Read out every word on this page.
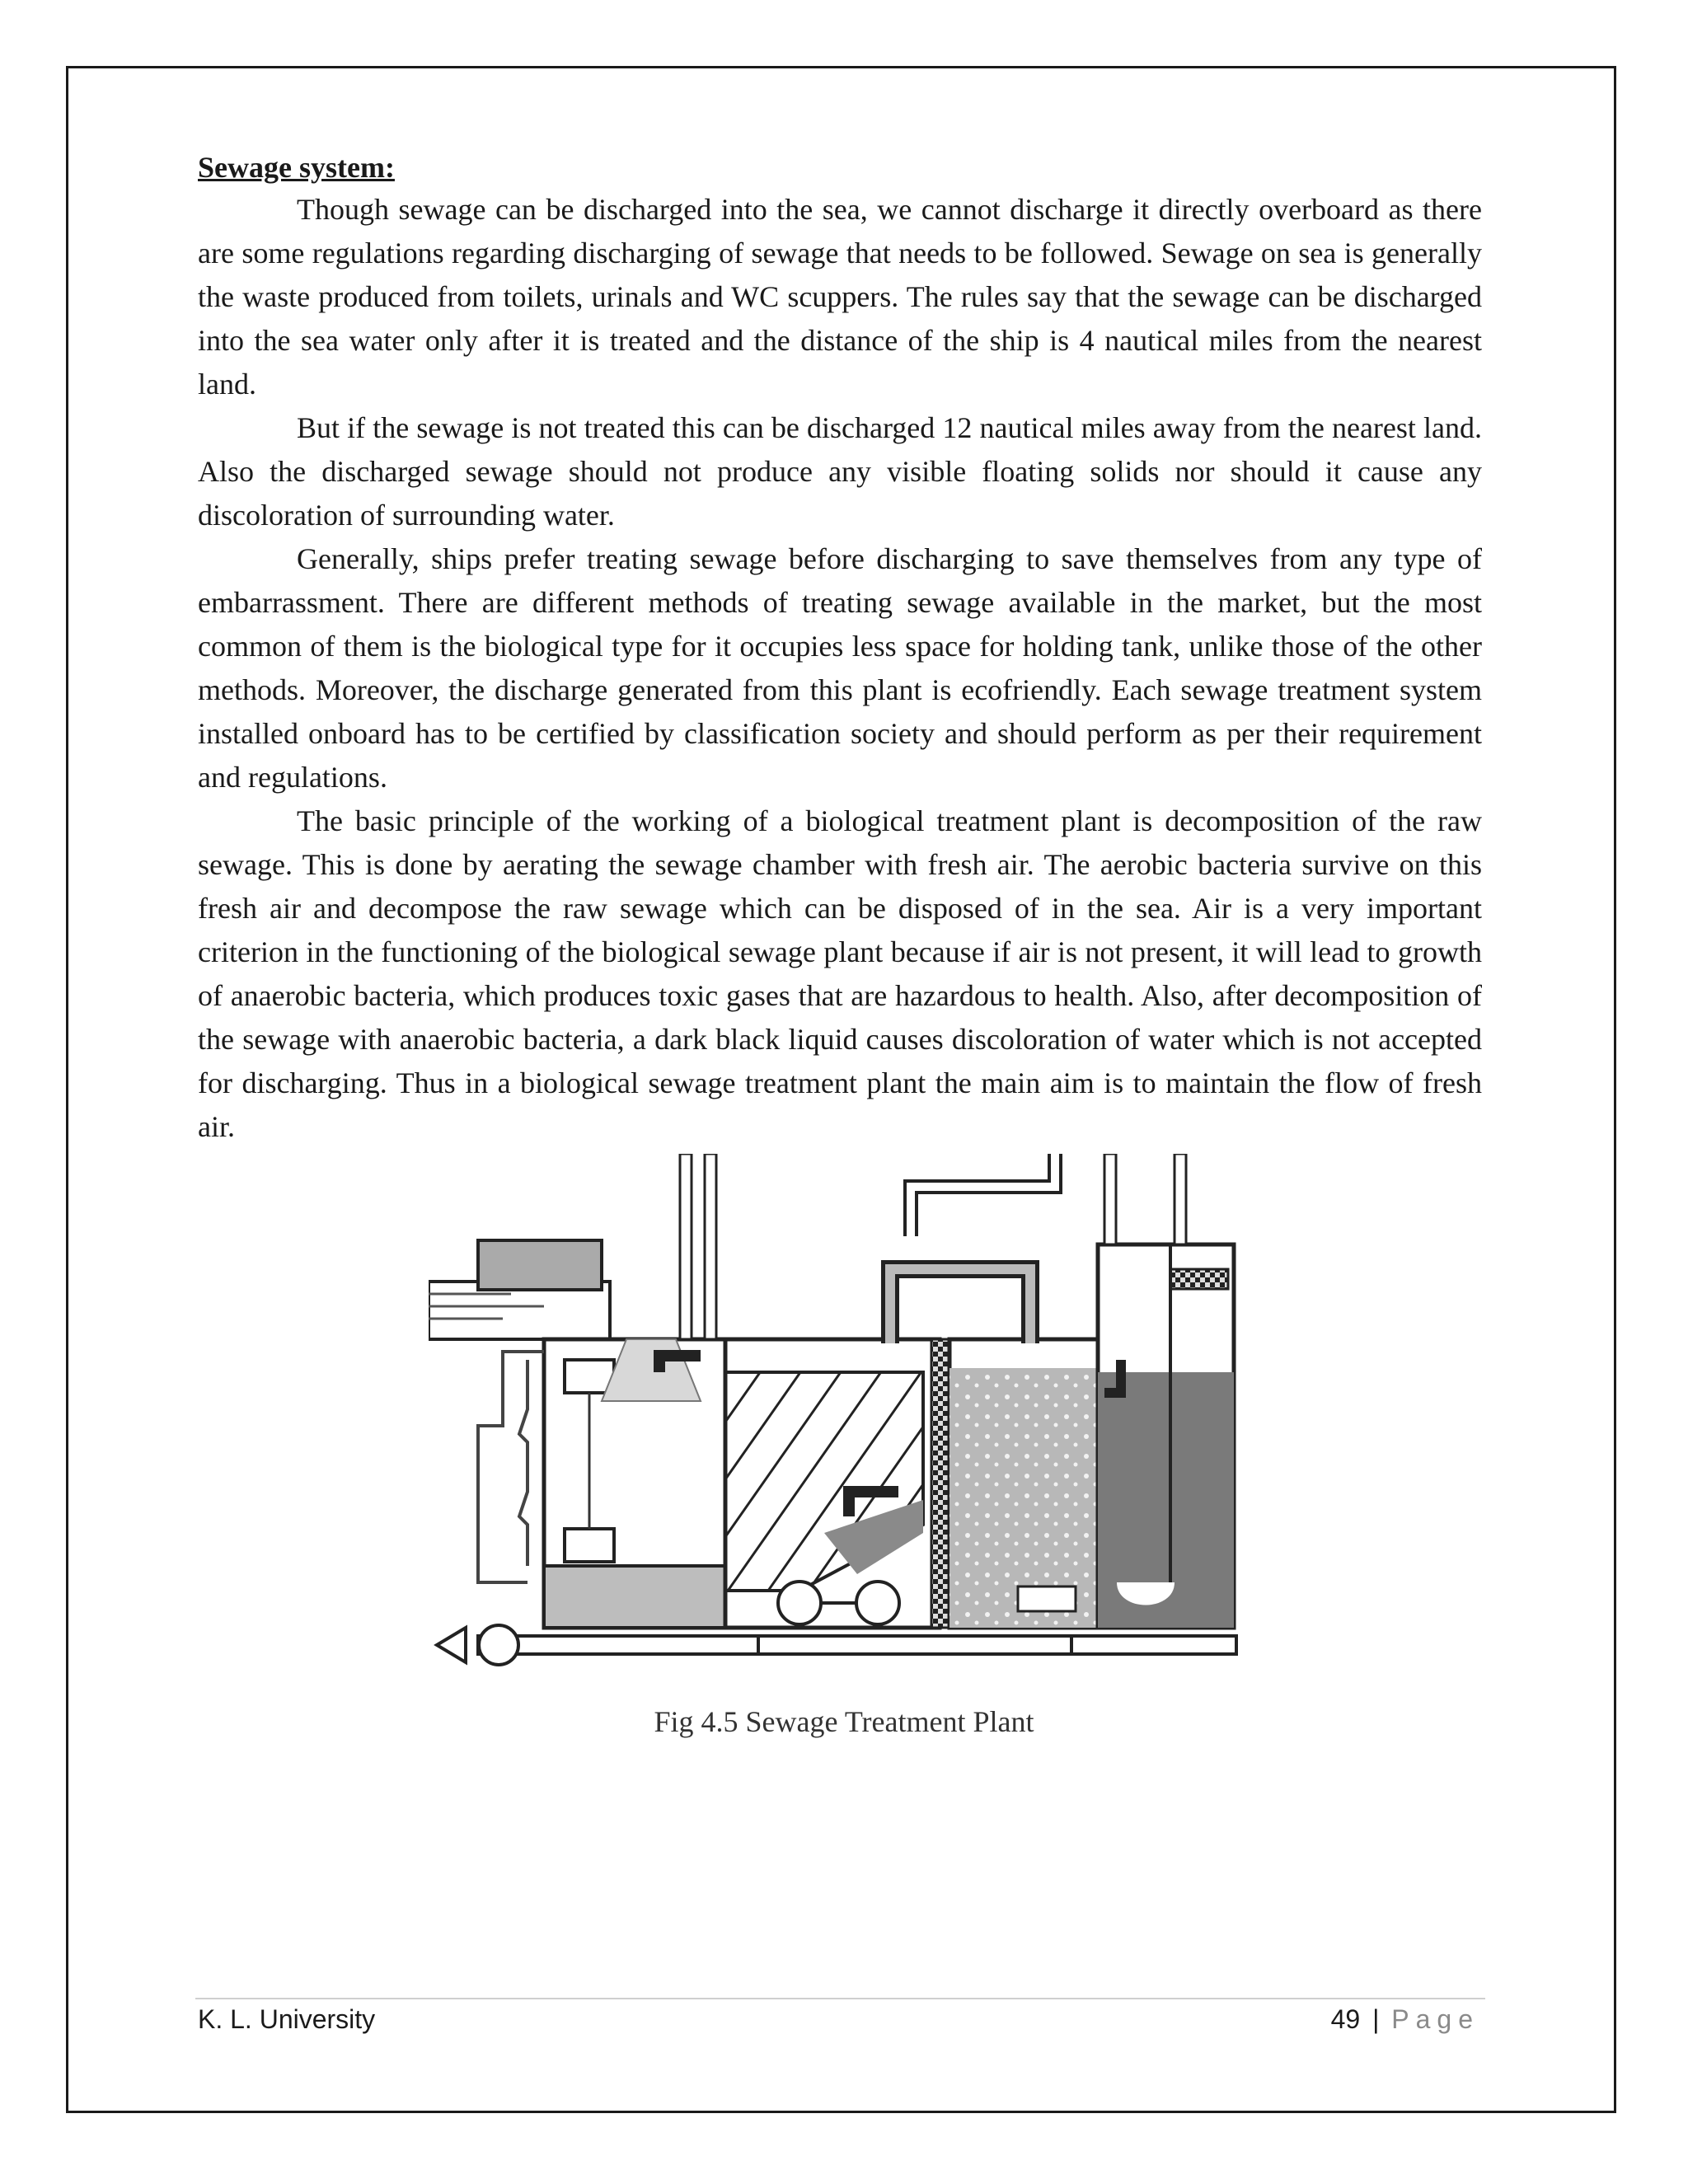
Sewage system:

Though sewage can be discharged into the sea, we cannot discharge it directly overboard as there are some regulations regarding discharging of sewage that needs to be followed. Sewage on sea is generally the waste produced from toilets, urinals and WC scuppers. The rules say that the sewage can be discharged into the sea water only after it is treated and the distance of the ship is 4 nautical miles from the nearest land.

But if the sewage is not treated this can be discharged 12 nautical miles away from the nearest land. Also the discharged sewage should not produce any visible floating solids nor should it cause any discoloration of surrounding water.

Generally, ships prefer treating sewage before discharging to save themselves from any type of embarrassment. There are different methods of treating sewage available in the market, but the most common of them is the biological type for it occupies less space for holding tank, unlike those of the other methods. Moreover, the discharge generated from this plant is ecofriendly. Each sewage treatment system installed onboard has to be certified by classification society and should perform as per their requirement and regulations.

The basic principle of the working of a biological treatment plant is decomposition of the raw sewage. This is done by aerating the sewage chamber with fresh air. The aerobic bacteria survive on this fresh air and decompose the raw sewage which can be disposed of in the sea. Air is a very important criterion in the functioning of the biological sewage plant because if air is not present, it will lead to growth of anaerobic bacteria, which produces toxic gases that are hazardous to health. Also, after decomposition of the sewage with anaerobic bacteria, a dark black liquid causes discoloration of water which is not accepted for discharging. Thus in a biological sewage treatment plant the main aim is to maintain the flow of fresh air.

Fig 4.5 Sewage Treatment Plant
K. L. University	49 | Page
